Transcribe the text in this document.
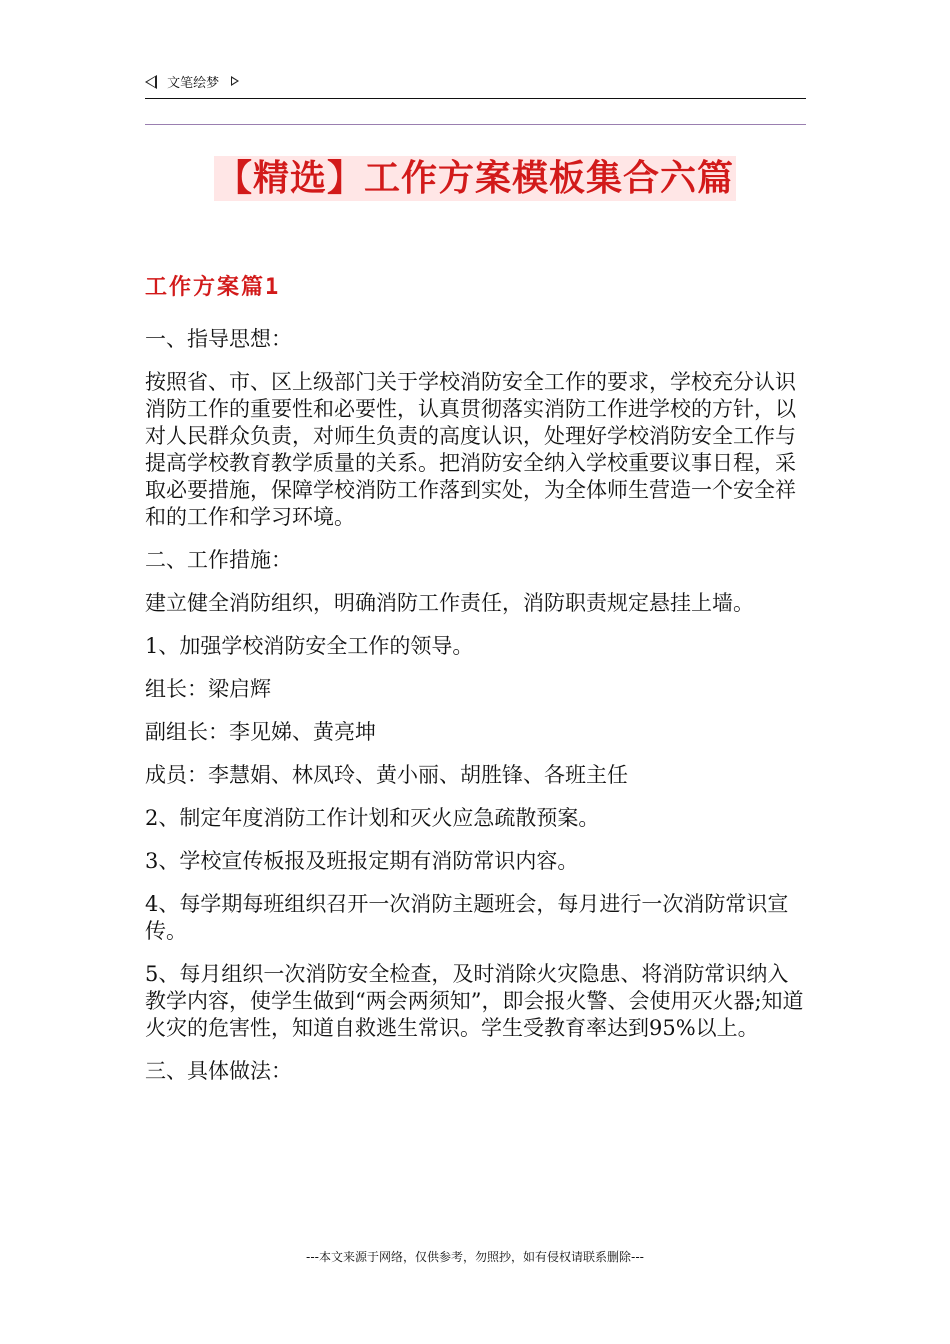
文笔绘梦
【精选】工作方案模板集合六篇
工作方案篇1

一、指导思想：

按照省、市、区上级部门关于学校消防安全工作的要求，学校充分认识消防工作的重要性和必要性，认真贯彻落实消防工作进学校的方针，以对人民群众负责，对师生负责的高度认识，处理好学校消防安全工作与提高学校教育教学质量的关系。把消防安全纳入学校重要议事日程，采取必要措施，保障学校消防工作落到实处，为全体师生营造一个安全祥和的工作和学习环境。

二、工作措施：

建立健全消防组织，明确消防工作责任，消防职责规定悬挂上墙。

1、加强学校消防安全工作的领导。

组长：梁启辉

副组长：李见娣、黄亮坤

成员：李慧娟、林凤玲、黄小丽、胡胜锋、各班主任

2、制定年度消防工作计划和灭火应急疏散预案。

3、学校宣传板报及班报定期有消防常识内容。

4、每学期每班组织召开一次消防主题班会，每月进行一次消防常识宣传。

5、每月组织一次消防安全检查，及时消除火灾隐患、将消防常识纳入教学内容，使学生做到“两会两须知”，即会报火警、会使用灭火器;知道火灾的危害性，知道自救逃生常识。学生受教育率达到95%以上。

三、具体做法：

---本文来源于网络，仅供参考，勿照抄，如有侵权请联系删除---
